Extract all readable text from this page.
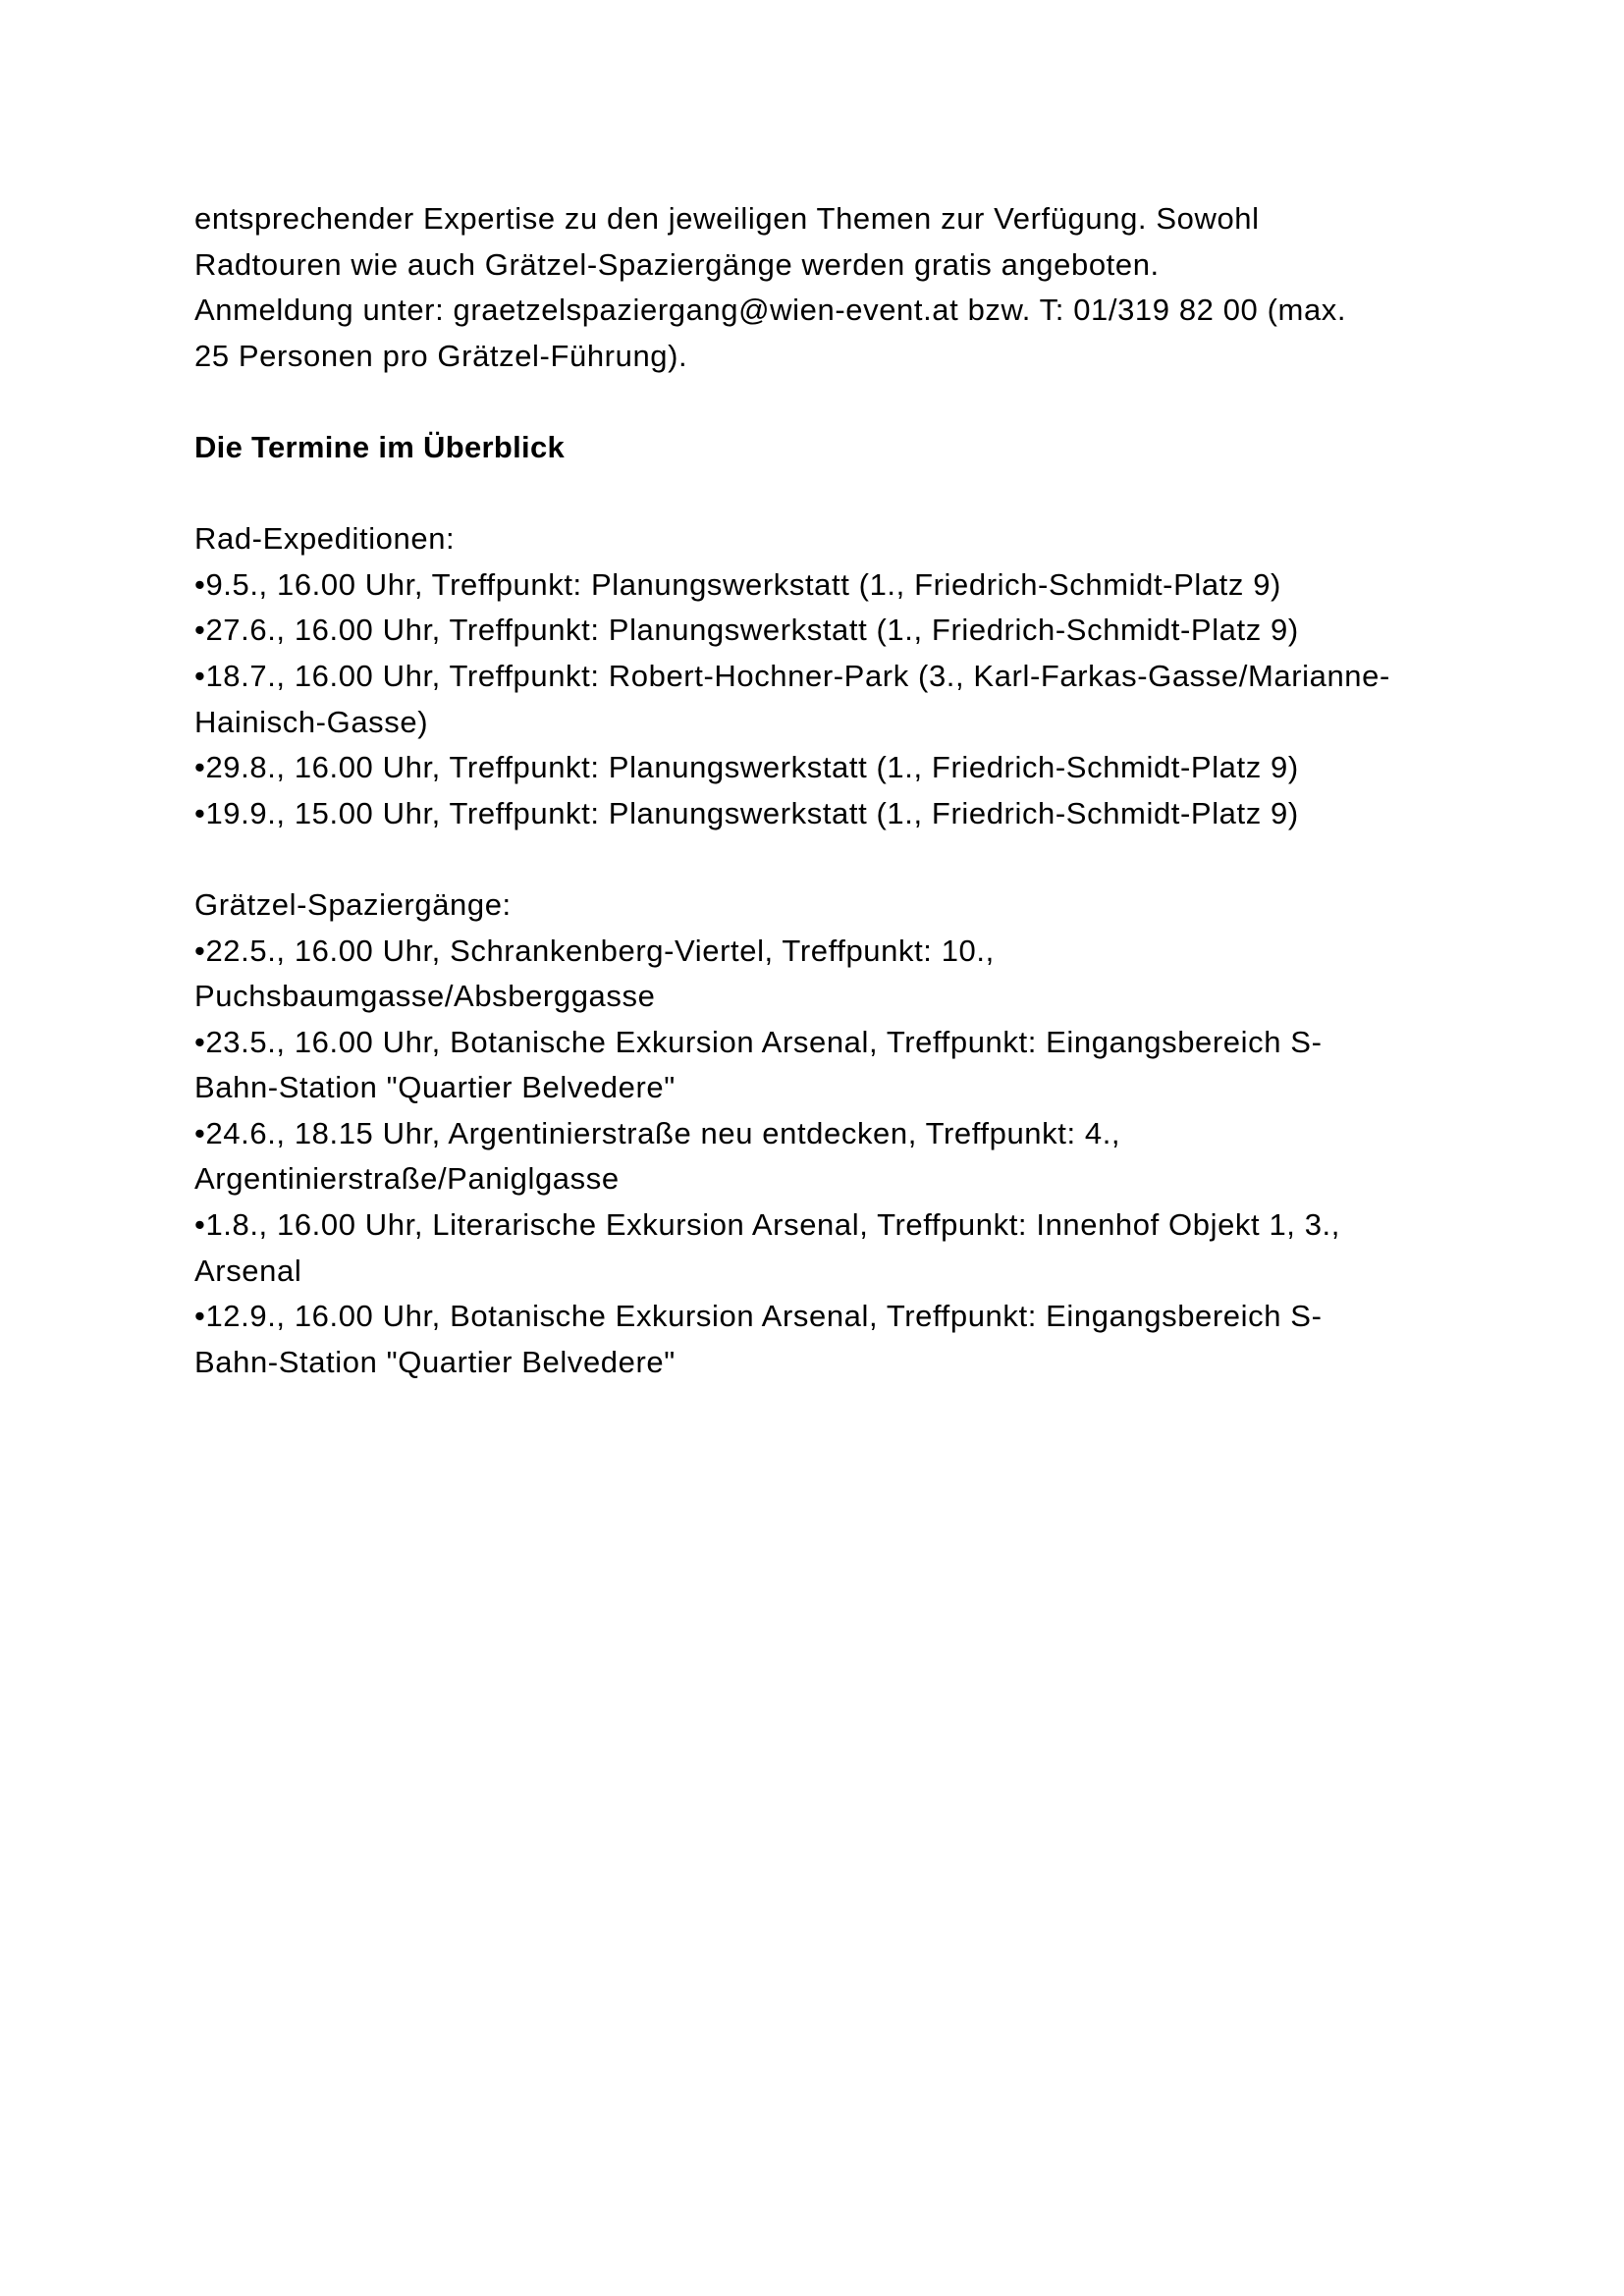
entsprechender Expertise zu den jeweiligen Themen zur Verfügung. Sowohl
Radtouren wie auch Grätzel-Spaziergänge werden gratis angeboten.
Anmeldung unter: graetzelspaziergang@wien-event.at bzw. T: 01/319 82 00 (max.
25 Personen pro Grätzel-Führung).
Die Termine im Überblick
Rad-Expeditionen:
•9.5., 16.00 Uhr, Treffpunkt: Planungswerkstatt (1., Friedrich-Schmidt-Platz 9)
•27.6., 16.00 Uhr, Treffpunkt: Planungswerkstatt (1., Friedrich-Schmidt-Platz 9)
•18.7., 16.00 Uhr, Treffpunkt: Robert-Hochner-Park (3., Karl-Farkas-Gasse/Marianne-
Hainisch-Gasse)
•29.8., 16.00 Uhr, Treffpunkt: Planungswerkstatt (1., Friedrich-Schmidt-Platz 9)
•19.9., 15.00 Uhr, Treffpunkt: Planungswerkstatt (1., Friedrich-Schmidt-Platz 9)
Grätzel-Spaziergänge:
•22.5., 16.00 Uhr, Schrankenberg-Viertel, Treffpunkt: 10.,
Puchsbaumgasse/Absberggasse
•23.5., 16.00 Uhr, Botanische Exkursion Arsenal, Treffpunkt: Eingangsbereich S-
Bahn-Station "Quartier Belvedere"
•24.6., 18.15 Uhr, Argentinierstraße neu entdecken, Treffpunkt: 4.,
Argentinierstraße/Paniglgasse
•1.8., 16.00 Uhr, Literarische Exkursion Arsenal, Treffpunkt: Innenhof Objekt 1, 3.,
Arsenal
•12.9., 16.00 Uhr, Botanische Exkursion Arsenal, Treffpunkt: Eingangsbereich S-
Bahn-Station "Quartier Belvedere"
